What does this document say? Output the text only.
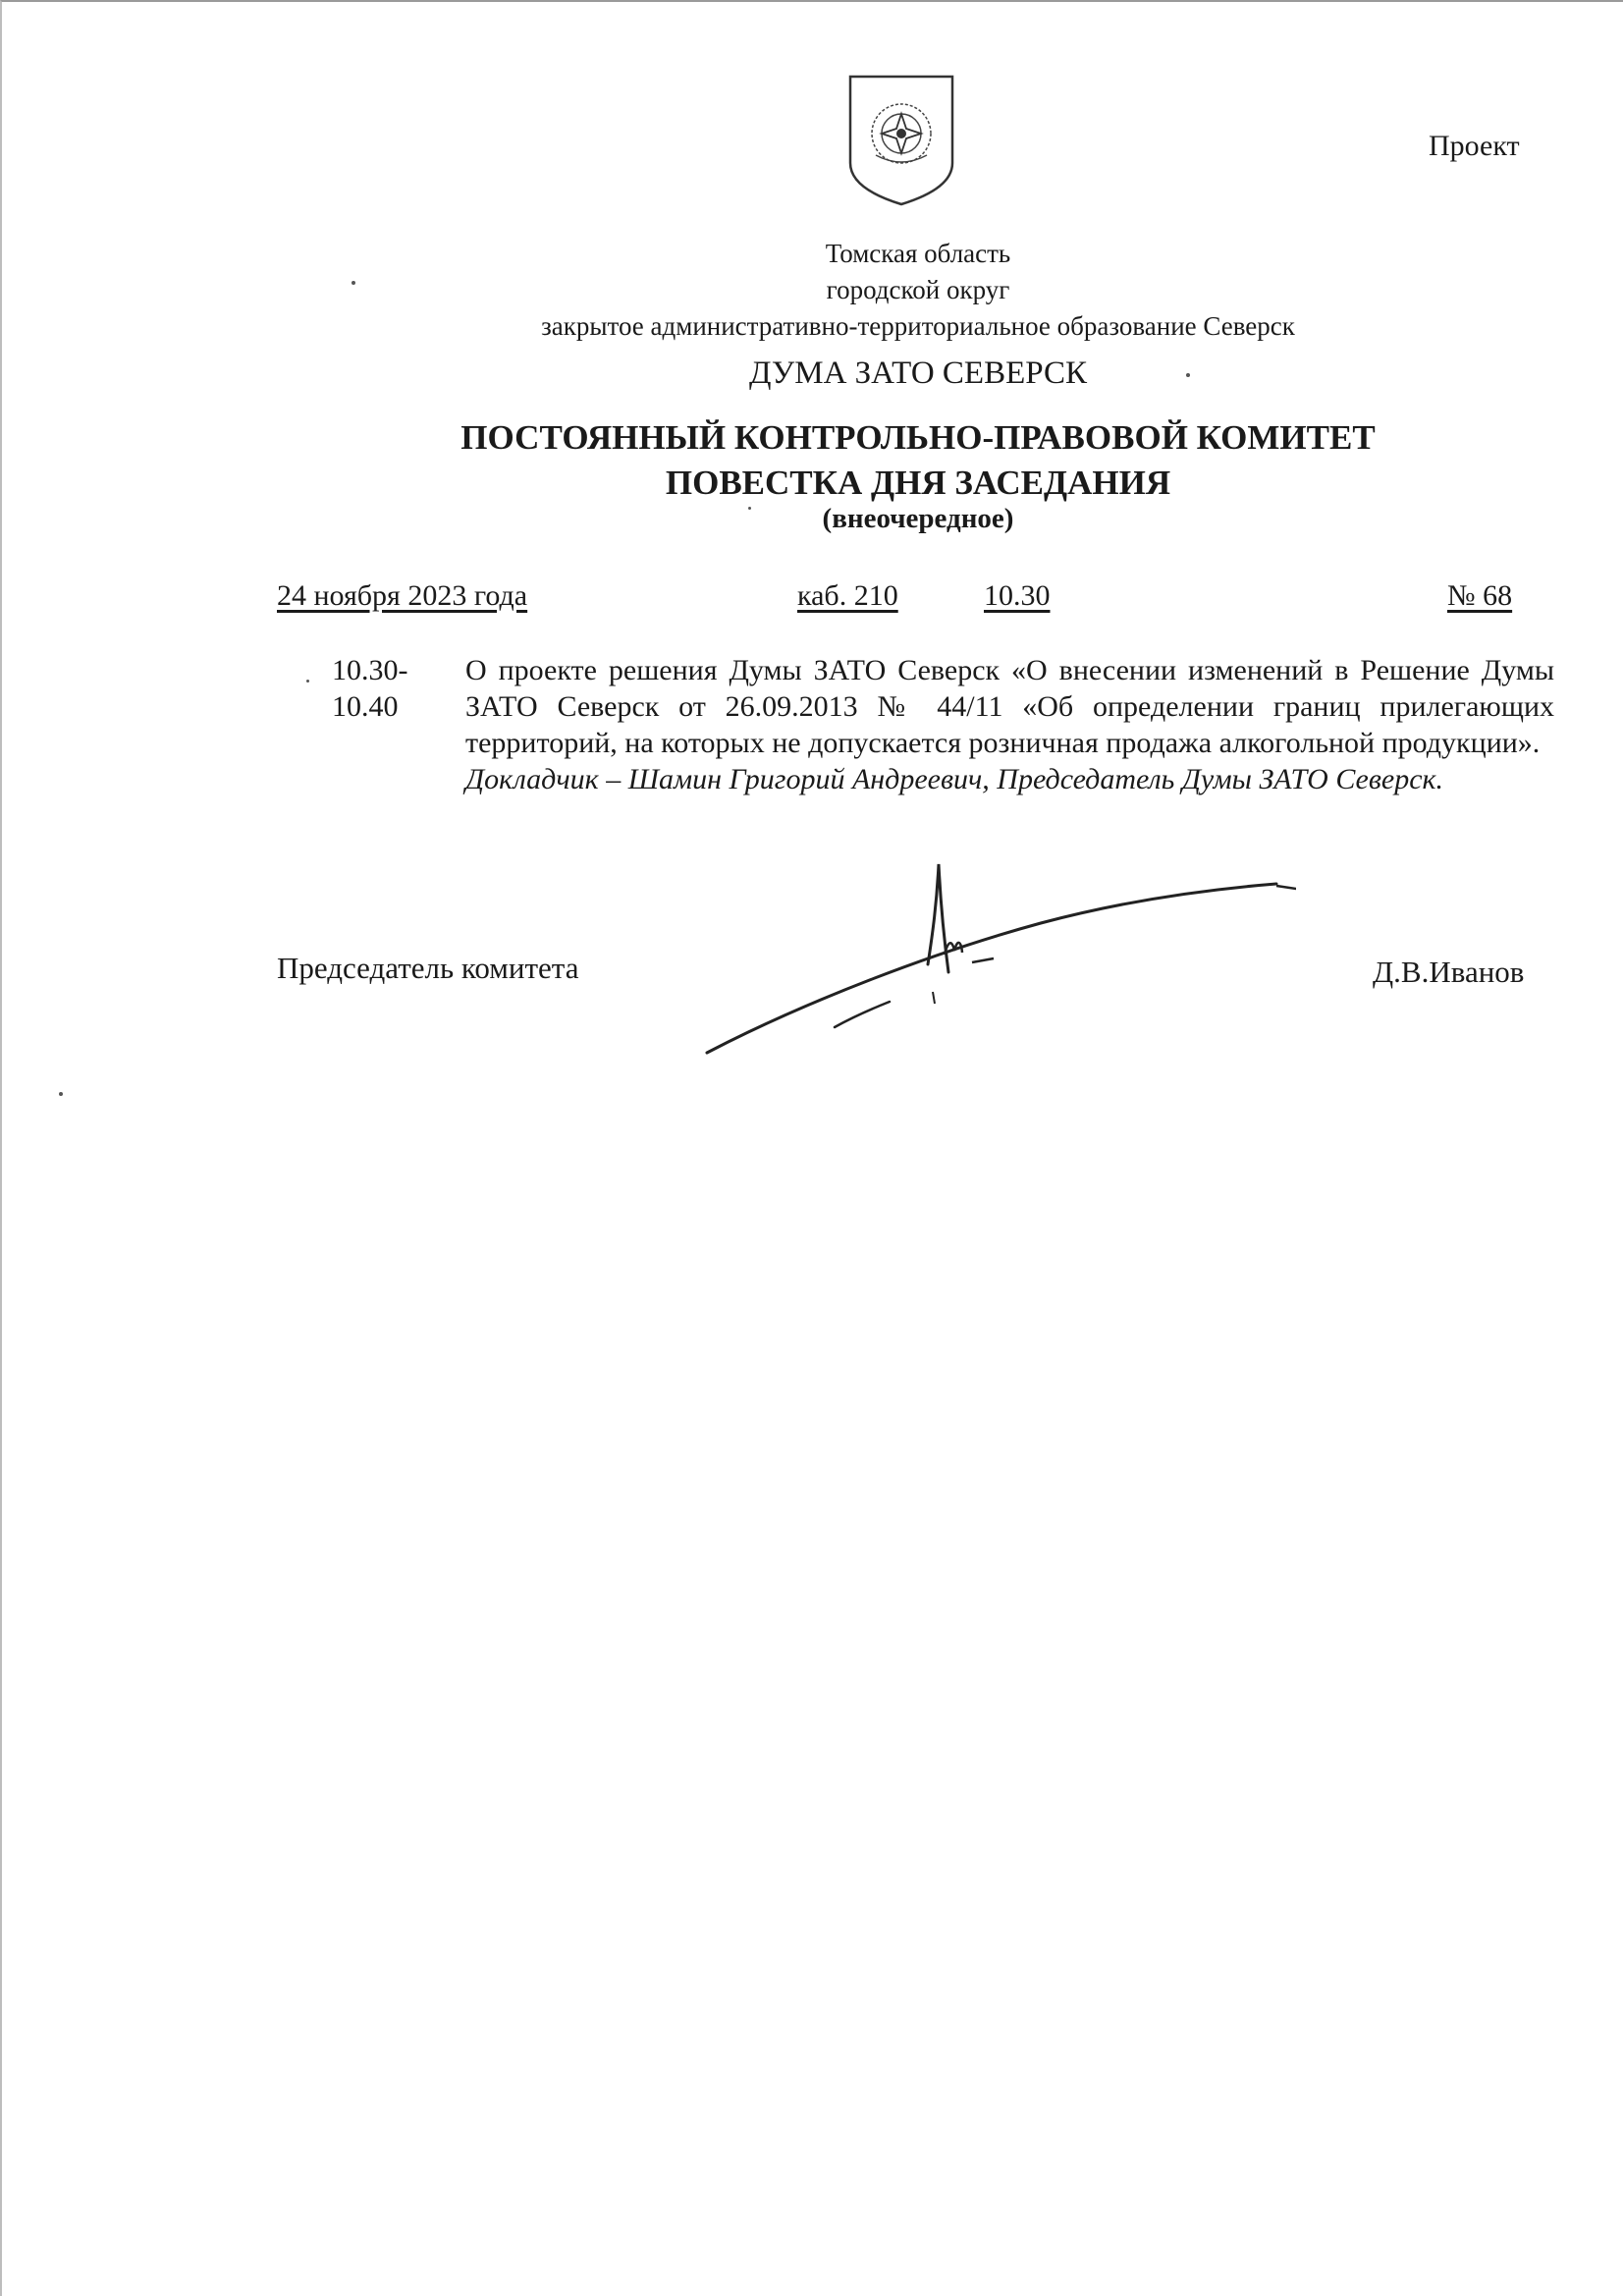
Проект
Томская область
городской округ
закрытое административно-территориальное образование Северск
ДУМА ЗАТО СЕВЕРСК
ПОСТОЯННЫЙ КОНТРОЛЬНО-ПРАВОВОЙ КОМИТЕТ
ПОВЕСТКА ДНЯ ЗАСЕДАНИЯ
(внеочередное)
24 ноября 2023 года	каб. 210	10.30	№ 68
10.30-
10.40
О проекте решения Думы ЗАТО Северск «О внесении изменений в Решение Думы ЗАТО Северск от 26.09.2013 № 44/11 «Об определении границ прилегающих территорий, на которых не допускается розничная продажа алкогольной продукции».
Докладчик – Шамин Григорий Андреевич, Председатель Думы ЗАТО Северск.
Председатель комитета	Д.В.Иванов
